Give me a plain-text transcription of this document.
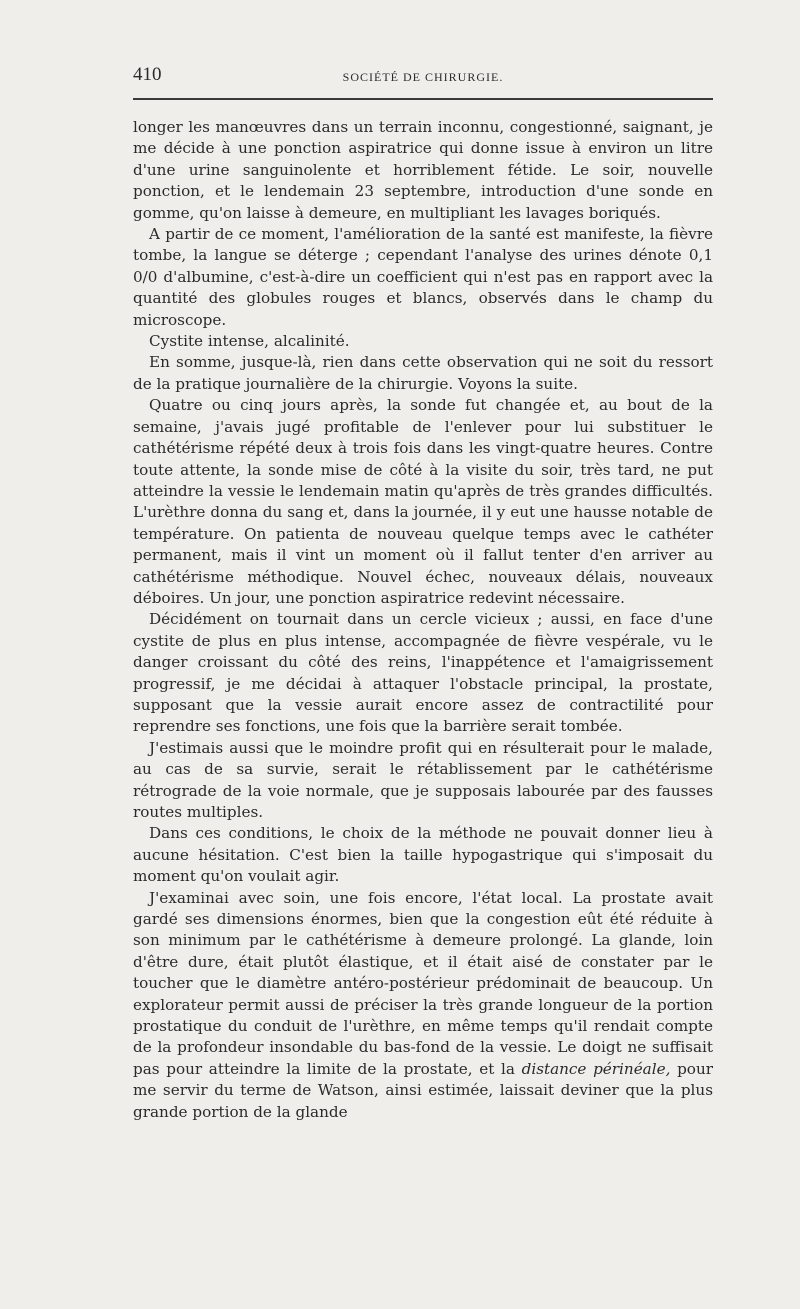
410	SOCIÉTÉ DE CHIRURGIE.

longer les manœuvres dans un terrain inconnu, congestionné, saignant, je me décide à une ponction aspiratrice qui donne issue à environ un litre d'une urine sanguinolente et horriblement fétide. Le soir, nouvelle ponction, et le lendemain 23 septembre, introduction d'une sonde en gomme, qu'on laisse à demeure, en multipliant les lavages boriqués.

A partir de ce moment, l'amélioration de la santé est manifeste, la fièvre tombe, la langue se déterge ; cependant l'analyse des urines dénote 0,1 0/0 d'albumine, c'est-à-dire un coefficient qui n'est pas en rapport avec la quantité des globules rouges et blancs, observés dans le champ du microscope.

Cystite intense, alcalinité.

En somme, jusque-là, rien dans cette observation qui ne soit du ressort de la pratique journalière de la chirurgie. Voyons la suite.

Quatre ou cinq jours après, la sonde fut changée et, au bout de la semaine, j'avais jugé profitable de l'enlever pour lui substituer le cathétérisme répété deux à trois fois dans les vingt-quatre heures. Contre toute attente, la sonde mise de côté à la visite du soir, très tard, ne put atteindre la vessie le lendemain matin qu'après de très grandes difficultés. L'urèthre donna du sang et, dans la journée, il y eut une hausse notable de température. On patienta de nouveau quelque temps avec le cathéter permanent, mais il vint un moment où il fallut tenter d'en arriver au cathétérisme méthodique. Nouvel échec, nouveaux délais, nouveaux déboires. Un jour, une ponction aspiratrice redevint nécessaire.

Décidément on tournait dans un cercle vicieux ; aussi, en face d'une cystite de plus en plus intense, accompagnée de fièvre vespérale, vu le danger croissant du côté des reins, l'inappétence et l'amaigrissement progressif, je me décidai à attaquer l'obstacle principal, la prostate, supposant que la vessie aurait encore assez de contractilité pour reprendre ses fonctions, une fois que la barrière serait tombée.

J'estimais aussi que le moindre profit qui en résulterait pour le malade, au cas de sa survie, serait le rétablissement par le cathétérisme rétrograde de la voie normale, que je supposais labourée par des fausses routes multiples.

Dans ces conditions, le choix de la méthode ne pouvait donner lieu à aucune hésitation. C'est bien la taille hypogastrique qui s'imposait du moment qu'on voulait agir.

J'examinai avec soin, une fois encore, l'état local. La prostate avait gardé ses dimensions énormes, bien que la congestion eût été réduite à son minimum par le cathétérisme à demeure prolongé. La glande, loin d'être dure, était plutôt élastique, et il était aisé de constater par le toucher que le diamètre antéro-postérieur prédominait de beaucoup. Un explorateur permit aussi de préciser la très grande longueur de la portion prostatique du conduit de l'urèthre, en même temps qu'il rendait compte de la profondeur insondable du bas-fond de la vessie. Le doigt ne suffisait pas pour atteindre la limite de la prostate, et la distance périnéale, pour me servir du terme de Watson, ainsi estimée, laissait deviner que la plus grande portion de la glande
